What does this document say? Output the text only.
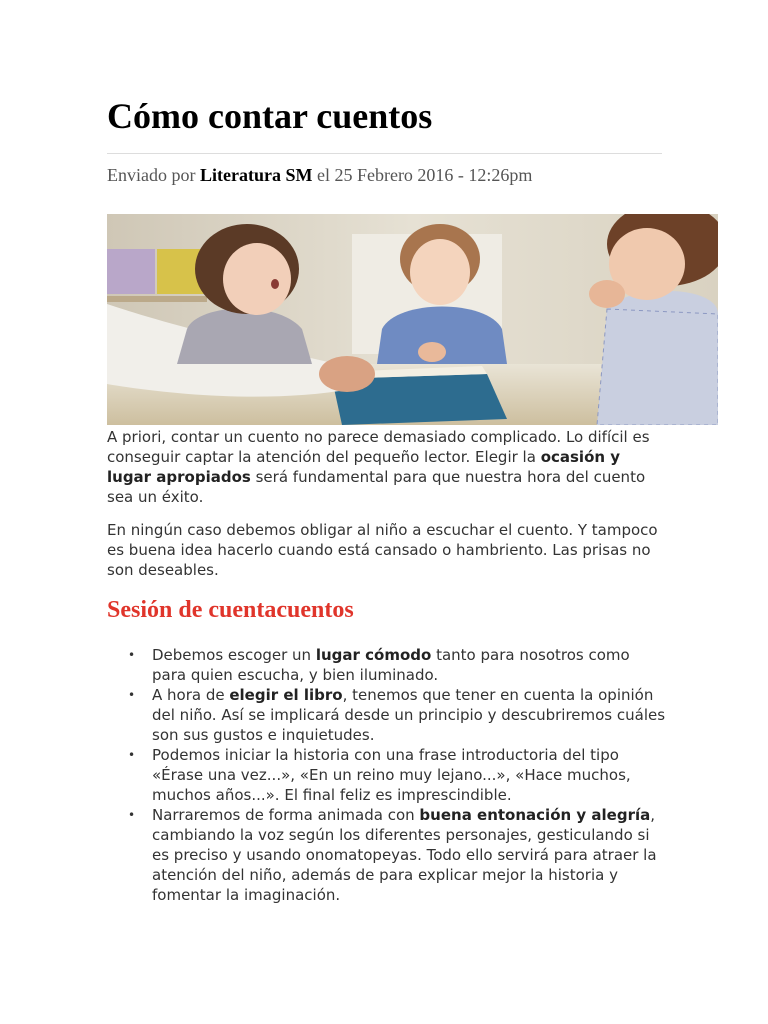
Cómo contar cuentos
Enviado por Literatura SM el 25 Febrero 2016 - 12:26pm

A priori, contar un cuento no parece demasiado complicado. Lo difícil es conseguir captar la atención del pequeño lector. Elegir la ocasión y lugar apropiados será fundamental para que nuestra hora del cuento sea un éxito.

En ningún caso debemos obligar al niño a escuchar el cuento. Y tampoco es buena idea hacerlo cuando está cansado o hambriento. Las prisas no son deseables.

Sesión de cuentacuentos
• Debemos escoger un lugar cómodo tanto para nosotros como para quien escucha, y bien iluminado.
• A hora de elegir el libro, tenemos que tener en cuenta la opinión del niño. Así se implicará desde un principio y descubriremos cuáles son sus gustos e inquietudes.
• Podemos iniciar la historia con una frase introductoria del tipo «Érase una vez...», «En un reino muy lejano...», «Hace muchos, muchos años...». El final feliz es imprescindible.
• Narraremos de forma animada con buena entonación y alegría, cambiando la voz según los diferentes personajes, gesticulando si es preciso y usando onomatopeyas. Todo ello servirá para atraer la atención del niño, además de para explicar mejor la historia y fomentar la imaginación.
